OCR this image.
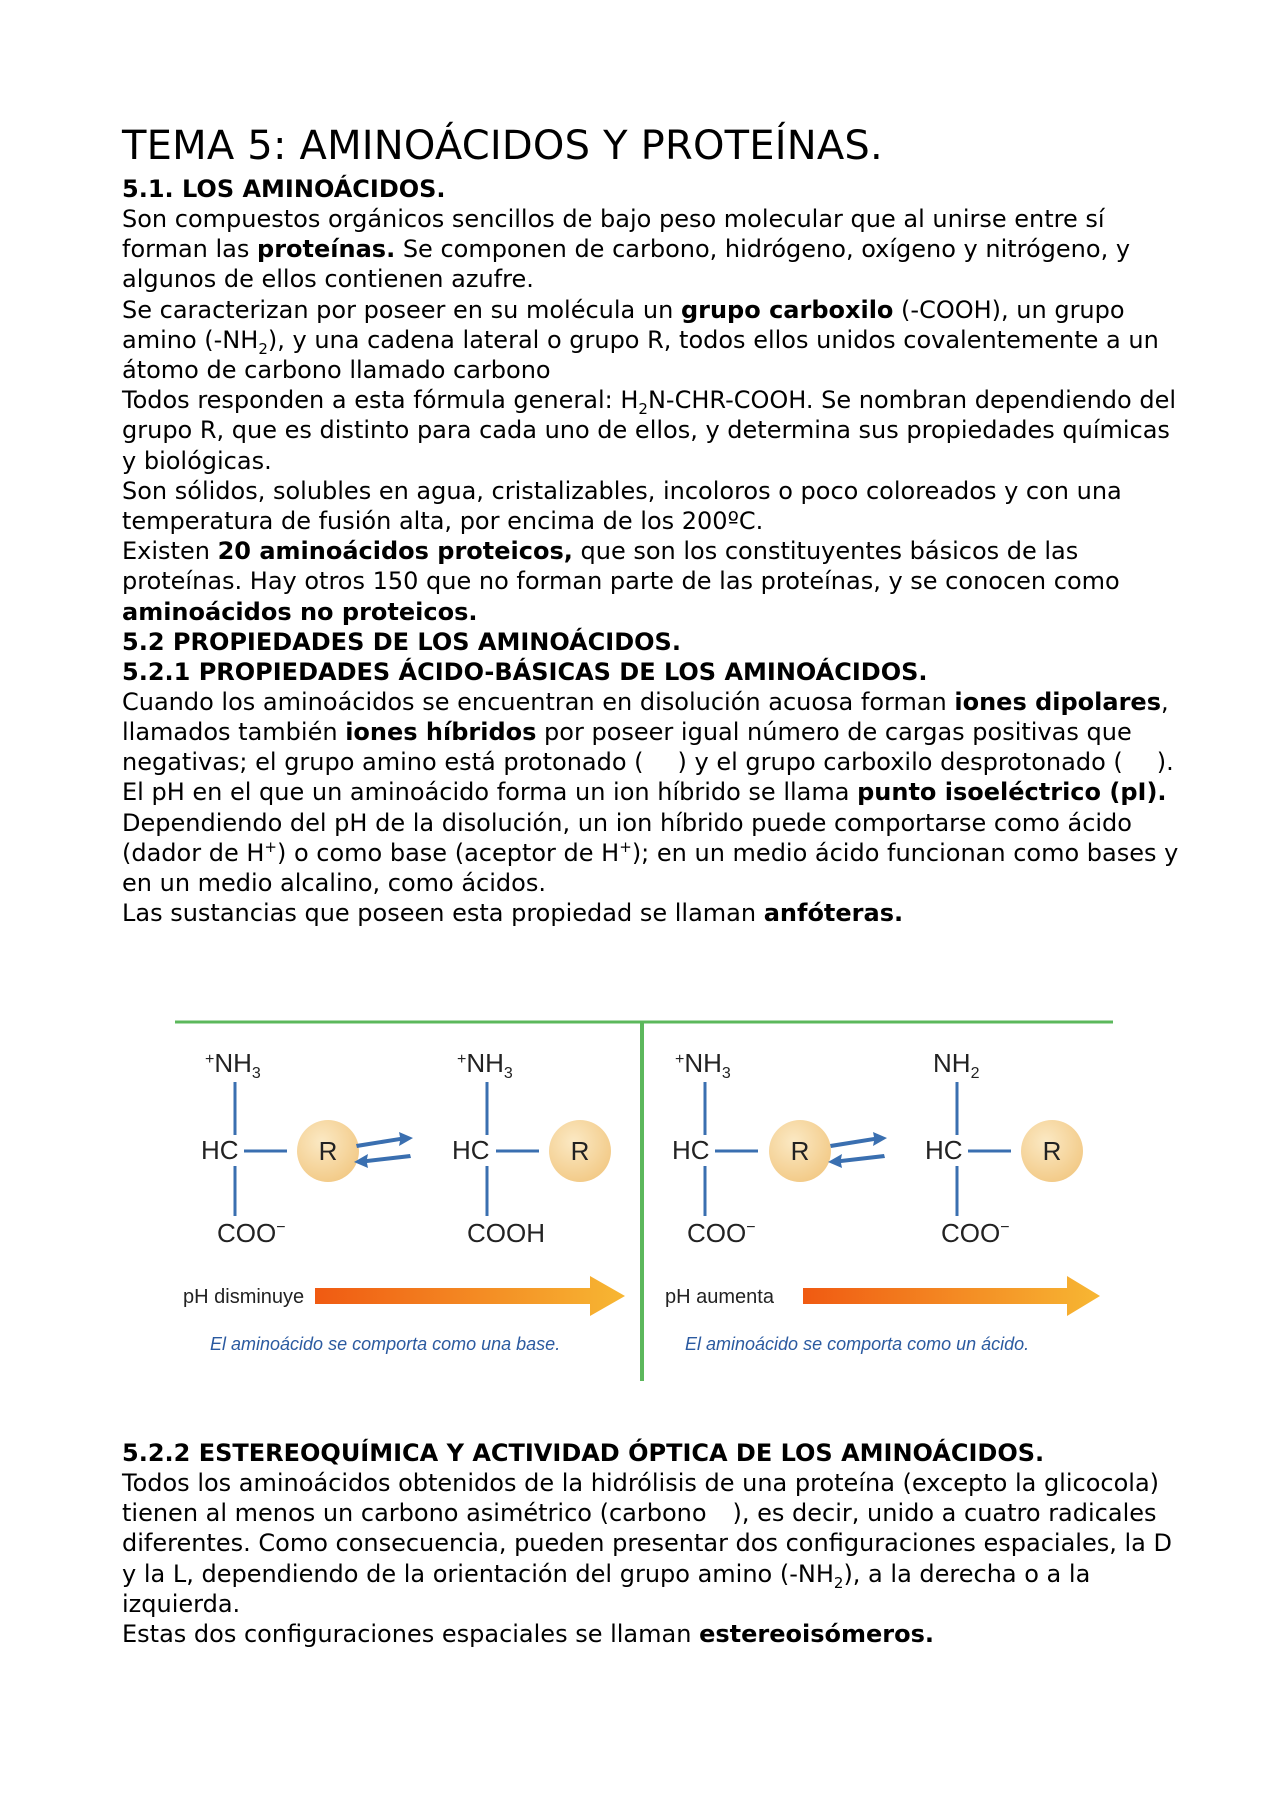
TEMA 5: AMINOÁCIDOS Y PROTEÍNAS.

5.1. LOS AMINOÁCIDOS.

Son compuestos orgánicos sencillos de bajo peso molecular que al unirse entre sí forman las proteínas. Se componen de carbono, hidrógeno, oxígeno y nitrógeno, y algunos de ellos contienen azufre.

Se caracterizan por poseer en su molécula un grupo carboxilo (-COOH), un grupo amino $(-NH_2)$, y una cadena lateral o grupo R, todos ellos unidos covalentemente a un átomo de carbono llamado carbono

Todos responden a esta fórmula general: $H_2N-CHR$-COOH. Se nombran dependiendo del grupo R, que es distinto para cada uno de ellos, y determina sus propiedades químicas y biológicas.

Son sólidos, solubles en agua, cristalizables, incoloros o poco coloreados y con una temperatura de fusión alta, por encima de los 200ºC.

Existen 20 aminoácidos proteicos, que son los constituyentes básicos de las proteínas. Hay otros 150 que no forman parte de las proteínas, y se conocen como aminoácidos no proteicos.

5.2 PROPIEDADES DE LOS AMINOÁCIDOS.

5.2.1 PROPIEDADES ÁCIDO-BÁSICAS DE LOS AMINOÁCIDOS.

Cuando los aminoácidos se encuentran en disolución acuosa forman iones dipolares, llamados también iones híbridos por poseer igual número de cargas positivas que negativas; el grupo amino está protonado ( ) y el grupo carboxilo desprotonado ( ).

El pH en el que un aminoácido forma un ion híbrido se llama punto isoeléctrico (pI).

Dependiendo del pH de la disolución, un ion híbrido puede comportarse como ácido (dador de H+) o como base (aceptor de H+); en un medio ácido funcionan como bases y en un medio alcalino, como ácidos.

Las sustancias que poseen esta propiedad se llaman anfóteras.

$^+NH_3$
HC
COO−
R
$^+NH_3$
HC
COOH
R
pH disminuye
El aminoácido se comporta como una base.
$^+NH_3$
HC
COO−
R
$NH_2$
HC
COO−
R
pH aumenta
El aminoácido se comporta como un ácido.

5.2.2 ESTEREOQUÍMICA Y ACTIVIDAD ÓPTICA DE LOS AMINOÁCIDOS.

Todos los aminoácidos obtenidos de la hidrólisis de una proteína (excepto la glicocola) tienen al menos un carbono asimétrico (carbono ), es decir, unido a cuatro radicales diferentes. Como consecuencia, pueden presentar dos configuraciones espaciales, la D y la L, dependiendo de la orientación del grupo amino $(-NH_2)$, a la derecha o a la izquierda.

Estas dos configuraciones espaciales se llaman estereoisómeros.
